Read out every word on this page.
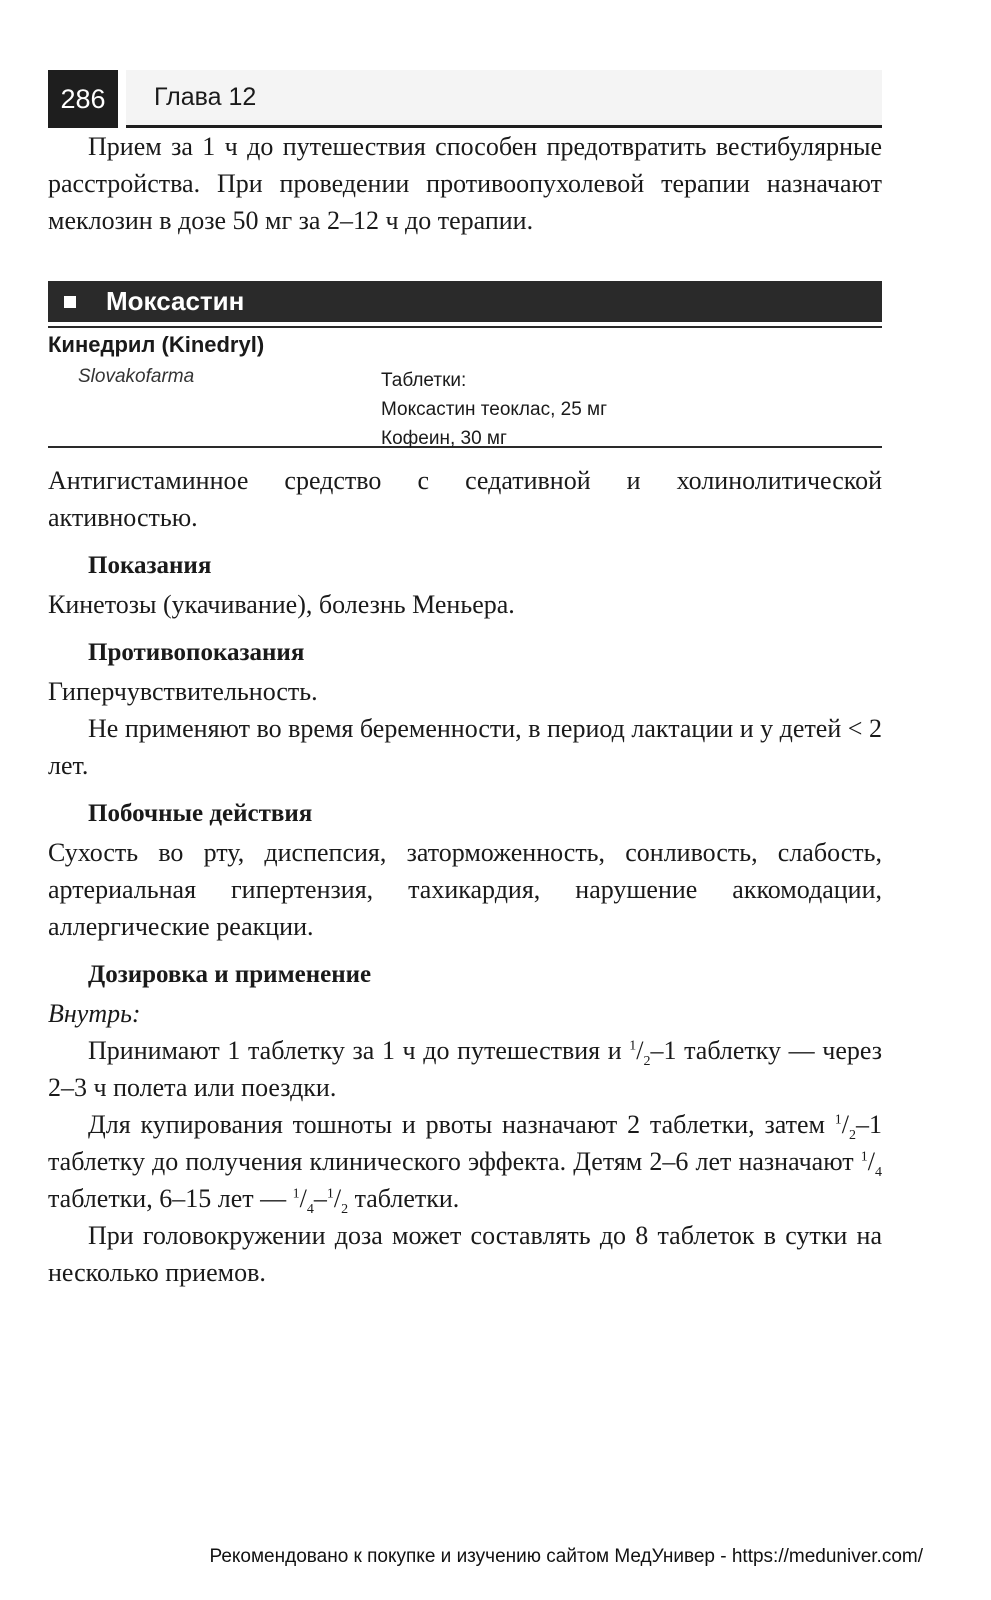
286	Глава 12

Прием за 1 ч до путешествия способен предотвратить вестибулярные расстройства. При проведении противоопухолевой терапии назначают меклозин в дозе 50 мг за 2–12 ч до терапии.

Моксастин
Кинедрил (Kinedryl)
Slovakofarma	Таблетки:
Моксастин теоклас, 25 мг
Кофеин, 30 мг

Антигистаминное средство с седативной и холинолитической активностью.

Показания

Кинетозы (укачивание), болезнь Меньера.

Противопоказания

Гиперчувствительность.

Не применяют во время беременности, в период лактации и у детей < 2 лет.

Побочные действия

Сухость во рту, диспепсия, заторможенность, сонливость, слабость, артериальная гипертензия, тахикардия, нарушение аккомодации, аллергические реакции.

Дозировка и применение

Внутрь:

Принимают 1 таблетку за 1 ч до путешествия и $^1/_2-1$ таблетку — через 2–3 ч полета или поездки.

Для купирования тошноты и рвоты назначают 2 таблетки, затем $^1/_2-1$ таблетку до получения клинического эффекта. Детям 2–6 лет назначают $^1/_4$ таблетки, 6–15 лет — $^1/_4-^1/_2$ таблетки.

При головокружении доза может составлять до 8 таблеток в сутки на несколько приемов.

Рекомендовано к покупке и изучению сайтом МедУнивер - https://meduniver.com/
